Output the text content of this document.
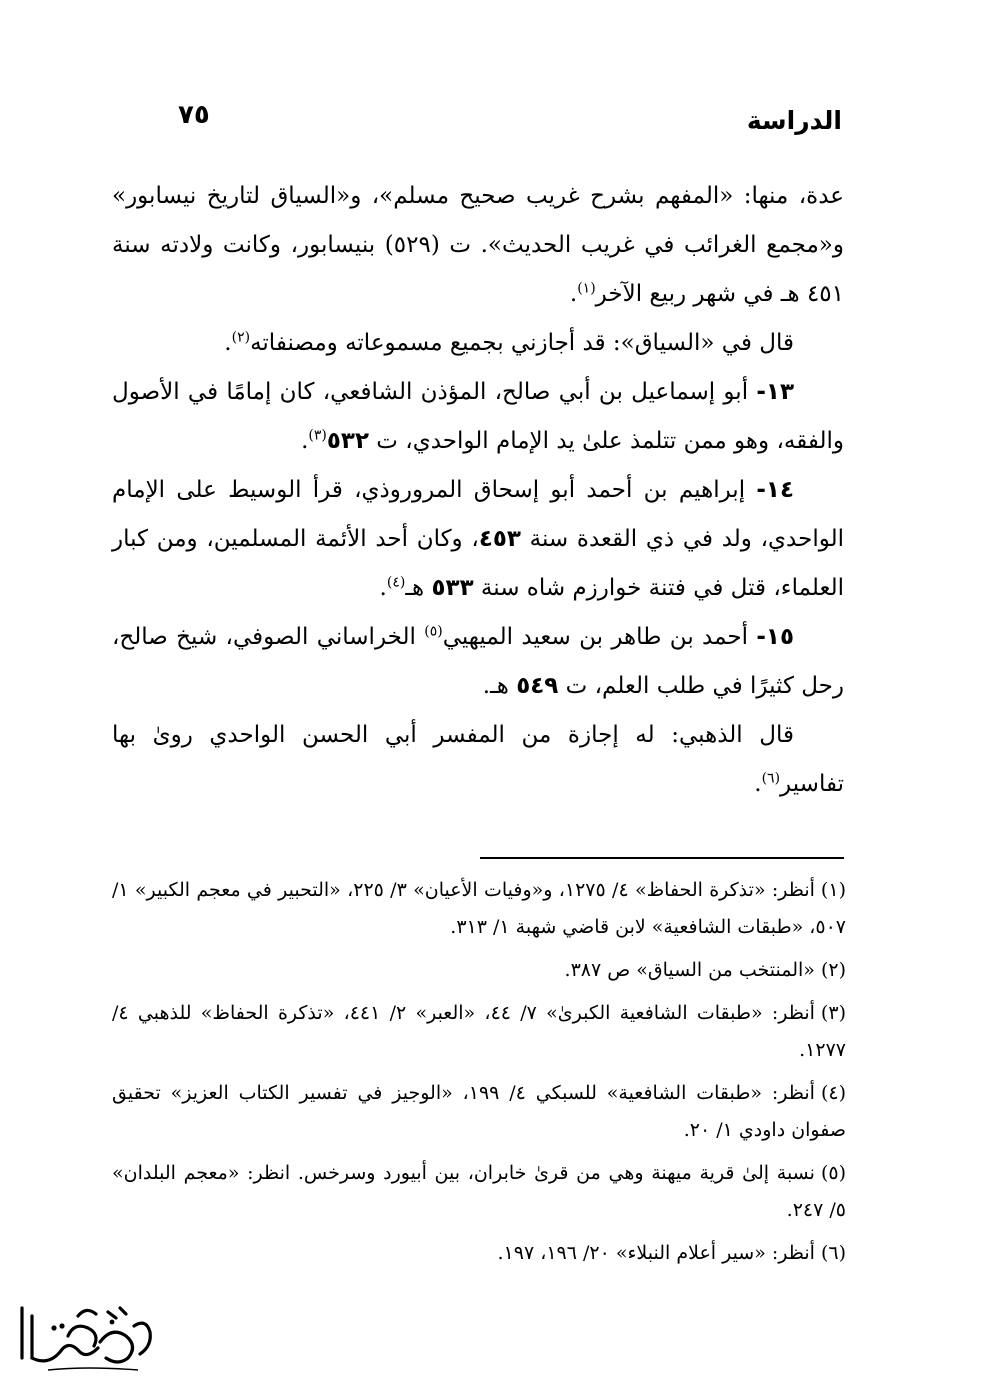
الدراسة
٧٥

عدة، منها: «المفهم بشرح غريب صحيح مسلم»، و«السياق لتاريخ نيسابور» و«مجمع الغرائب في غريب الحديث». ت (٥٢٩) بنيسابور، وكانت ولادته سنة ٤٥١ هـ في شهر ربيع الآخر$^{(١)}$.

قال في «السياق»: قد أجازني بجميع مسموعاته ومصنفاته$^{(٢)}$.

١٣- أبو إسماعيل بن أبي صالح، المؤذن الشافعي، كان إمامًا في الأصول والفقه، وهو ممن تتلمذ علىٰ يد الإمام الواحدي، ت ٥٣٢$^{(٣)}$.

١٤- إبراهيم بن أحمد أبو إسحاق المروروذي، قرأ الوسيط على الإمام الواحدي، ولد في ذي القعدة سنة ٤٥٣، وكان أحد الأئمة المسلمين، ومن كبار العلماء، قتل في فتنة خوارزم شاه سنة ٥٣٣ هـ$^{(٤)}$.

١٥- أحمد بن طاهر بن سعيد الميهيي$^{(٥)}$ الخراساني الصوفي، شيخ صالح، رحل كثيرًا في طلب العلم، ت ٥٤٩ هـ.

قال الذهبي: له إجازة من المفسر أبي الحسن الواحدي روىٰ بها تفاسير$^{(٦)}$.

(١)أنظر: «تذكرة الحفاظ» ٤/ ١٢٧٥، و«وفيات الأعيان» ٣/ ٢٢٥، «التحبير في معجم الكبير» ١/ ٥٠٧، «طبقات الشافعية» لابن قاضي شهبة ١/ ٣١٣.

(٢)«المنتخب من السياق» ص ٣٨٧.

(٣)أنظر: «طبقات الشافعية الكبرىٰ» ٧/ ٤٤، «العبر» ٢/ ٤٤١، «تذكرة الحفاظ» للذهبي ٤/ ١٢٧٧.

(٤)أنظر: «طبقات الشافعية» للسبكي ٤/ ١٩٩، «الوجيز في تفسير الكتاب العزيز» تحقيق صفوان داودي ١/ ٢٠.

(٥)نسبة إلىٰ قرية ميهنة وهي من قرىٰ خابران، بين أبيورد وسرخس. انظر: «معجم البلدان» ٥/ ٢٤٧.

(٦)أنظر: «سير أعلام النبلاء» ٢٠/ ١٩٦، ١٩٧.
